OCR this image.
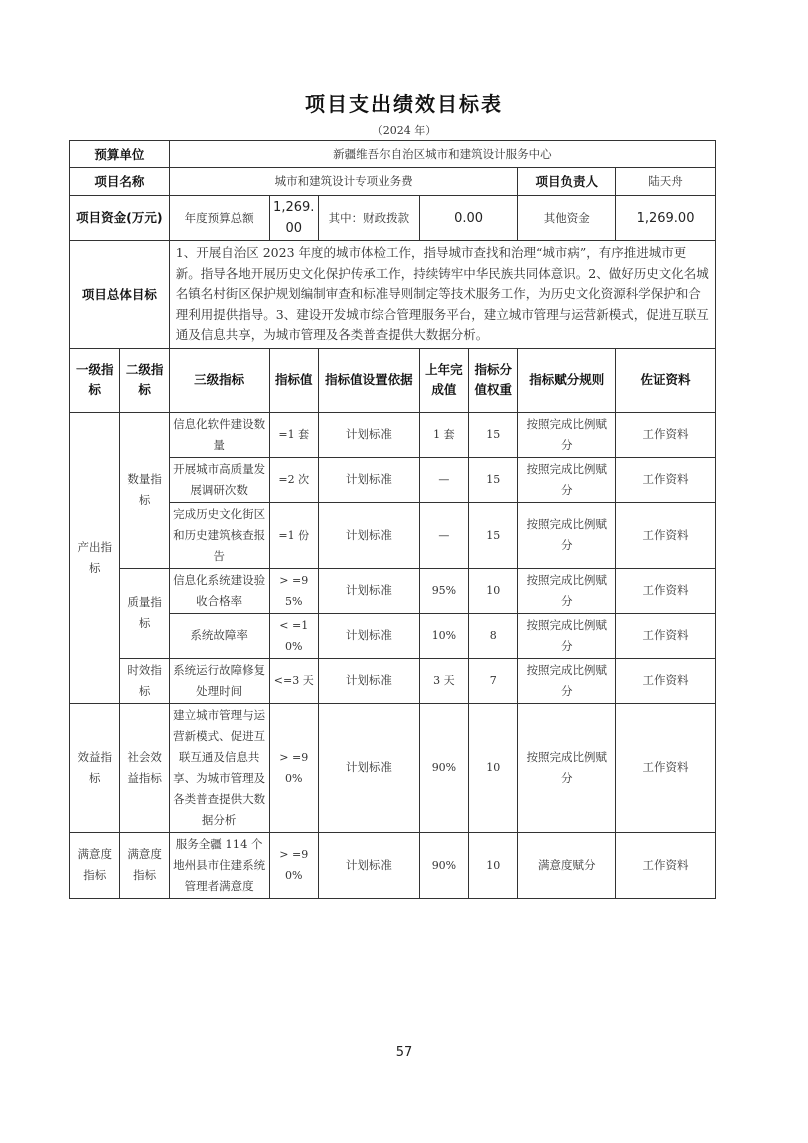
项目支出绩效目标表
（2024 年）
预算单位		新疆维吾尔自治区城市和建筑设计服务中心						
项目名称		城市和建筑设计专项业务费					项目负责人	陆天舟
项目资金(万元)		年度预算总额	1,269.00	其中：财政拨款	0.00		其他资金	1,269.00
项目总体目标		1、开展自治区 2023 年度的城市体检工作，指导城市查找和治理“城市病”，有序推进城市更新。指导各地开展历史文化保护传承工作，持续铸牢中华民族共同体意识。2、做好历史文化名城名镇名村街区保护规划编制审查和标准导则制定等技术服务工作，为历史文化资源科学保护和合理利用提供指导。3、建设开发城市综合管理服务平台，建立城市管理与运营新模式，促进互联互通及信息共享，为城市管理及各类普查提供大数据分析。						
一级指标	二级指标	三级指标	指标值	指标值设置依据	上年完成值	指标分值权重	指标赋分规则	佐证资料
产出指标	数量指标	信息化软件建设数量	=1 套	计划标准	1 套	15	按照完成比例赋分	工作资料
		开展城市高质量发展调研次数	=2 次	计划标准	—	15	按照完成比例赋分	工作资料
		完成历史文化街区和历史建筑核查报告	=1 份	计划标准	—	15	按照完成比例赋分	工作资料
	质量指标	信息化系统建设验收合格率	> =95%	计划标准	95%	10	按照完成比例赋分	工作资料
		系统故障率	< =10%	计划标准	10%	8	按照完成比例赋分	工作资料
	时效指标	系统运行故障修复处理时间	<=3 天	计划标准	3 天	7	按照完成比例赋分	工作资料
效益指标	社会效益指标	建立城市管理与运营新模式、促进互联互通及信息共享、为城市管理及各类普查提供大数据分析	> =90%	计划标准	90%	10	按照完成比例赋分	工作资料
满意度指标	满意度指标	服务全疆 114 个地州县市住建系统管理者满意度	> =90%	计划标准	90%	10	满意度赋分	工作资料
57
